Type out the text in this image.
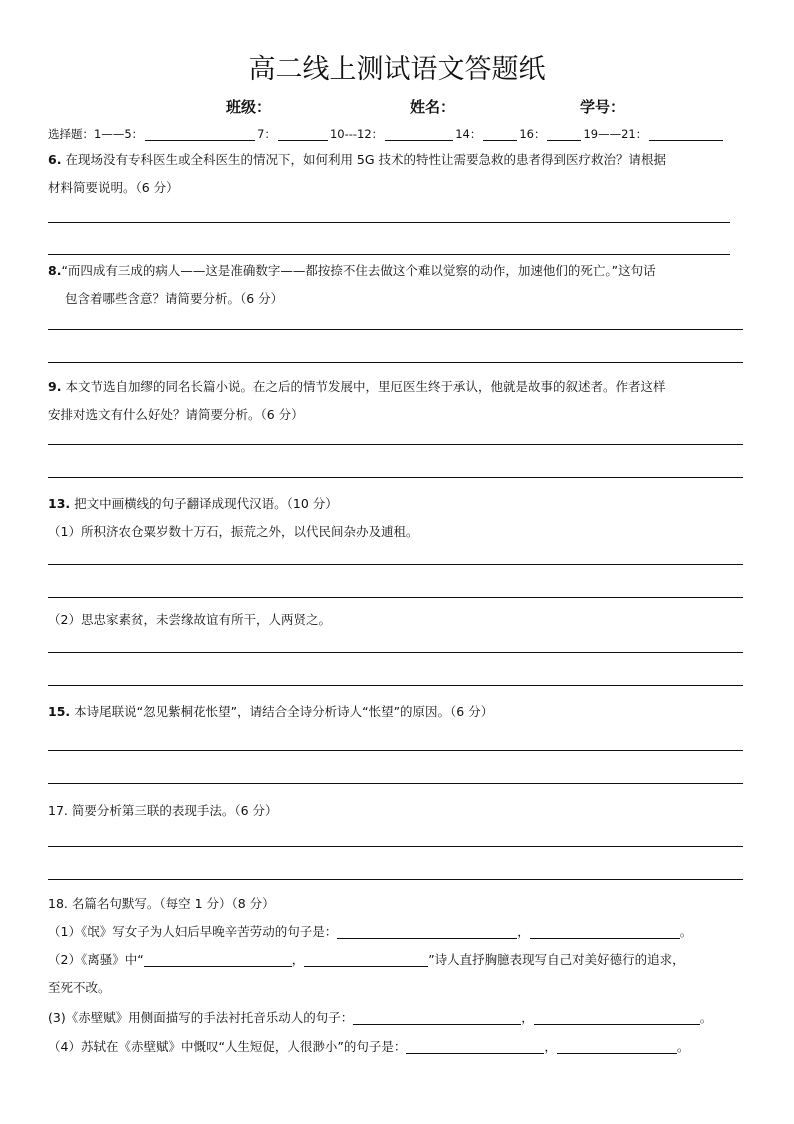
高二线上测试语文答题纸
班级：	姓名：	学号：
选择题：1——5：	7：	10---12：	14：	16：	19——21：
6. 在现场没有专科医生或全科医生的情况下，如何利用 5G 技术的特性让需要急救的患者得到医疗救治？请根据
材料简要说明。（6 分）
8.“而四成有三成的病人——这是准确数字——都按捺不住去做这个难以觉察的动作，加速他们的死亡。”这句话
包含着哪些含意？请简要分析。（6 分）
9. 本文节选自加缪的同名长篇小说。在之后的情节发展中，里厄医生终于承认，他就是故事的叙述者。作者这样
安排对选文有什么好处？请简要分析。（6 分）
13. 把文中画横线的句子翻译成现代汉语。（10 分）
（1）所积济农仓粟岁数十万石，振荒之外，以代民间杂办及逋租。
（2）思忠家素贫，未尝缘故谊有所干，人两贤之。
15. 本诗尾联说“忽见紫桐花怅望”，请结合全诗分析诗人“怅望”的原因。（6 分）
17. 简要分析第三联的表现手法。（6 分）
18. 名篇名句默写。（每空 1 分）（8 分）
（1）《氓》写女子为人妇后早晚辛苦劳动的句子是：	，	。
（2）《离骚》中“	，	”诗人直抒胸臆表现写自己对美好德行的追求，
至死不改。
(3)《赤壁赋》用侧面描写的手法衬托音乐动人的句子：	，	。
（4）苏轼在《赤壁赋》中慨叹“人生短促，人很渺小”的句子是：	，	。
